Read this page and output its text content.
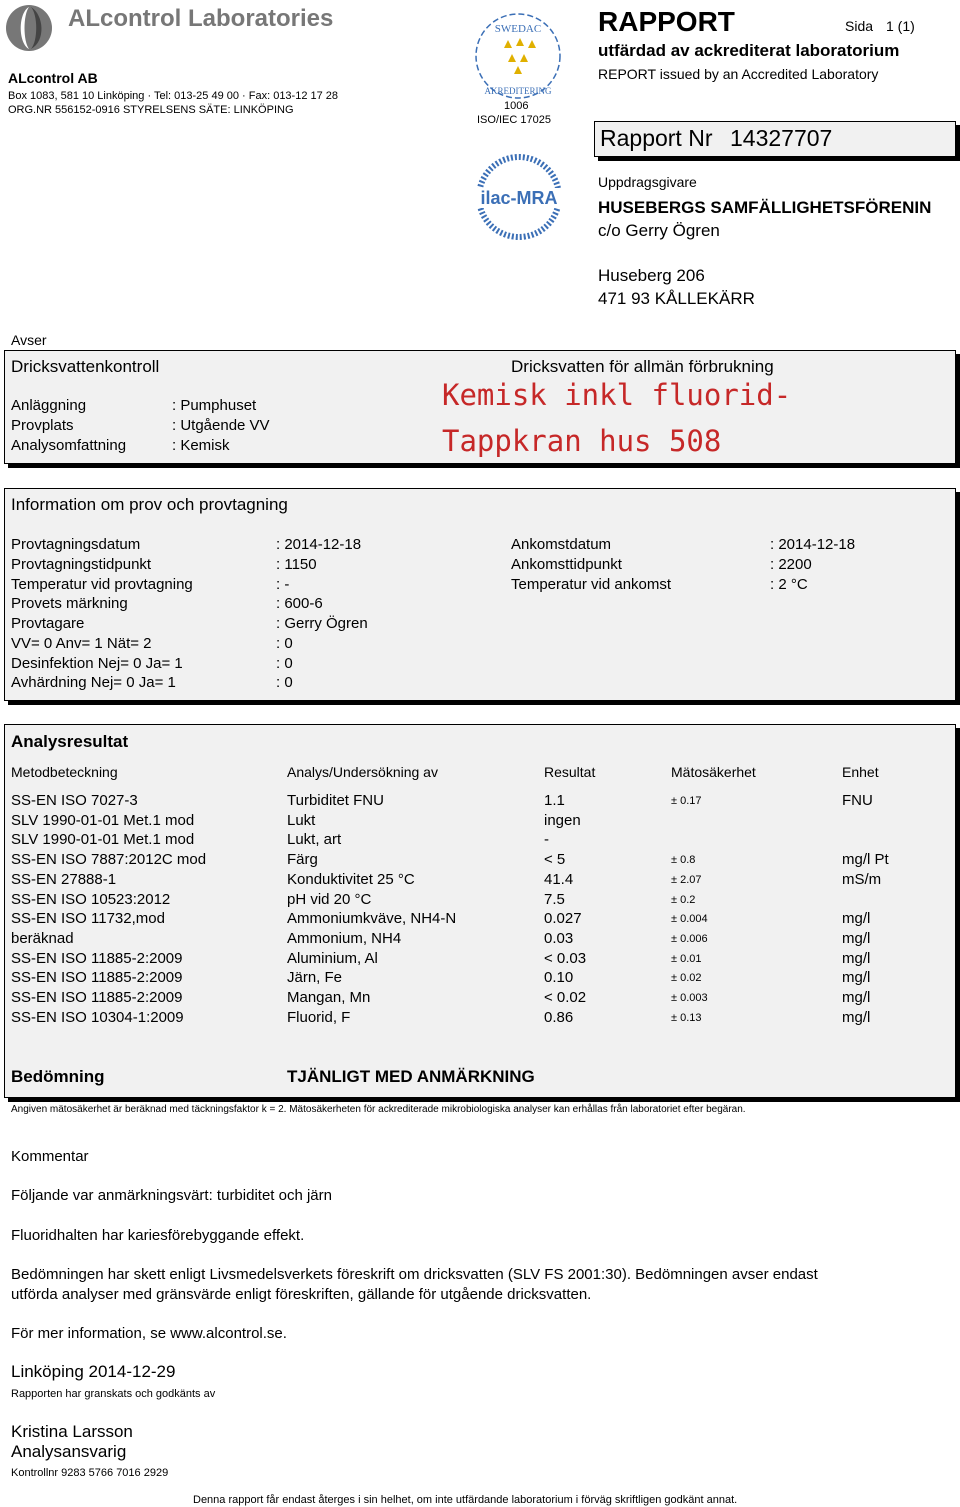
ALcontrol Laboratories
ALcontrol AB
Box 1083, 581 10 Linköping · Tel: 013-25 49 00 · Fax: 013-12 17 28
ORG.NR 556152-0916 STYRELSENS SÄTE: LINKÖPING
SWEDAC
AKREDITERING
1006
ISO/IEC 17025
ilac-MRA
RAPPORT	Sida 1 (1)
utfärdad av ackrediterat laboratorium
REPORT issued by an Accredited Laboratory
Rapport Nr 14327707
Uppdragsgivare
HUSEBERGS SAMFÄLLIGHETSFÖRENIN
c/o Gerry Ögren
Huseberg 206
471 93 KÅLLEKÄRR
Avser
Dricksvattenkontroll	Dricksvatten för allmän förbrukning
Anläggning	: Pumphuset
Provplats	: Utgående VV
Analysomfattning	: Kemisk
Kemisk inkl fluorid-
Tappkran hus 508
Information om prov och provtagning
Provtagningsdatum	: 2014-12-18
Provtagningstidpunkt	: 1150
Temperatur vid provtagning	: -
Provets märkning	: 600-6
Provtagare	: Gerry Ögren
VV= 0 Anv= 1 Nät= 2	: 0
Desinfektion Nej= 0 Ja= 1	: 0
Avhärdning Nej= 0 Ja= 1	: 0
Ankomstdatum	: 2014-12-18
Ankomsttidpunkt	: 2200
Temperatur vid ankomst	: 2 °C
Analysresultat
Metodbeteckning	Analys/Undersökning av	Resultat	Mätosäkerhet	Enhet
SS-EN ISO 7027-3	Turbiditet FNU	1.1	± 0.17	FNU
SLV 1990-01-01 Met.1 mod	Lukt	ingen
SLV 1990-01-01 Met.1 mod	Lukt, art	-
SS-EN ISO 7887:2012C mod	Färg	< 5	± 0.8	mg/l Pt
SS-EN 27888-1	Konduktivitet 25 °C	41.4	± 2.07	mS/m
SS-EN ISO 10523:2012	pH vid 20 °C	7.5	± 0.2
SS-EN ISO 11732,mod	Ammoniumkväve, NH4-N	0.027	± 0.004	mg/l
beräknad	Ammonium, NH4	0.03	± 0.006	mg/l
SS-EN ISO 11885-2:2009	Aluminium, Al	< 0.03	± 0.01	mg/l
SS-EN ISO 11885-2:2009	Järn, Fe	0.10	± 0.02	mg/l
SS-EN ISO 11885-2:2009	Mangan, Mn	< 0.02	± 0.003	mg/l
SS-EN ISO 10304-1:2009	Fluorid, F	0.86	± 0.13	mg/l
Bedömning	TJÄNLIGT MED ANMÄRKNING
Angiven mätosäkerhet är beräknad med täckningsfaktor k = 2. Mätosäkerheten för ackrediterade mikrobiologiska analyser kan erhållas från laboratoriet efter begäran.
Kommentar
Följande var anmärkningsvärt: turbiditet och järn
Fluoridhalten har kariesförebyggande effekt.
Bedömningen har skett enligt Livsmedelsverkets föreskrift om dricksvatten (SLV FS 2001:30). Bedömningen avser endast
utförda analyser med gränsvärde enligt föreskriften, gällande för utgående dricksvatten.
För mer information, se www.alcontrol.se.
Linköping 2014-12-29
Rapporten har granskats och godkänts av
Kristina Larsson
Analysansvarig
Kontrollnr 9283 5766 7016 2929
Denna rapport får endast återges i sin helhet, om inte utfärdande laboratorium i förväg skriftligen godkänt annat.
